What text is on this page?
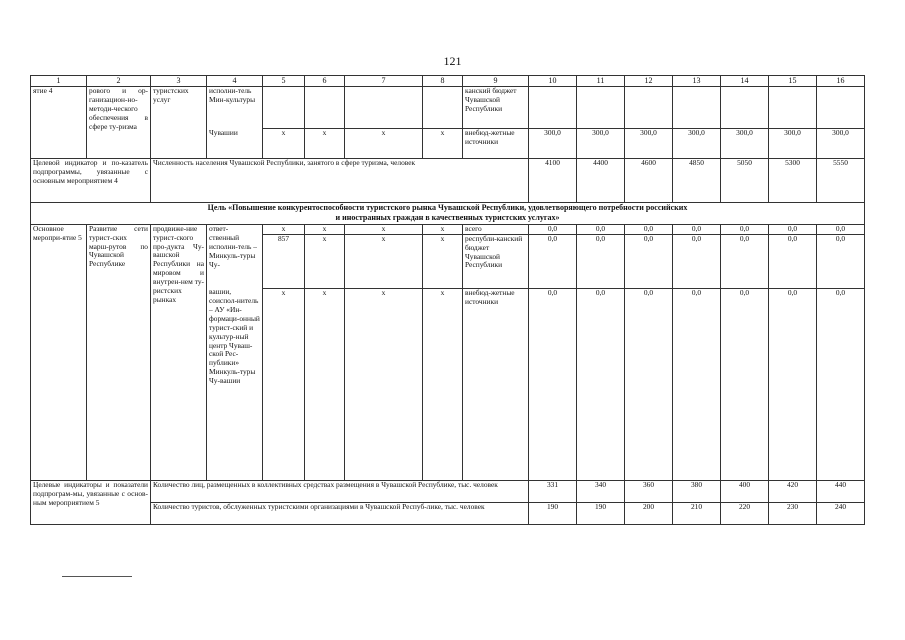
121
1	2	3	4	5	6	7	8	9	10	11	12	13	14	15	16
ятие 4	рового и ор-ганизацион-но-методи-ческого обеспечения в сфере ту-ризма	туристских услуг	исполни-тель Мин-культуры					канский бюджет Чувашской Республики							
			Чувашии	x	x	x	x	внебюд-жетные источники	300,0	300,0	300,0	300,0	300,0	300,0	300,0
Целевой индикатор и по-казатель подпрограммы, увязанные с основным мероприятием 4		Численность населения Чувашской Республики, занятого в сфере туризма, человек							4100	4400	4600	4850	5050	5300	5550

Цель «Повышение конкурентоспособности туристского рынка Чувашской Республики, удовлетворяющего потребности российских
и иностранных граждан в качественных туристских услугах»															

Основное меропри-ятие 5	Развитие сети турист-ских марш-рутов по Чувашской Республике	продвиже-ние турист-ского про-дукта Чу-вашской Республики на мировом и внутрен-нем ту-ристских рынках	ответ-	x	x	x	x	всего	0,0	0,0	0,0	0,0	0,0	0,0	0,0
			ственный исполни-тель – Минкуль-туры Чу-	857	x	x	x	республи-канский бюджет Чувашской Республики	0,0	0,0	0,0	0,0	0,0	0,0	0,0
			вашии, соиспол-нитель – АУ «Ин-формаци-онный турист-ский и культур-ный центр Чуваш-ской Рес-публики» Минкуль-туры Чу-вашии	x	x	x	x	внебюд-жетные источники	0,0	0,0	0,0	0,0	0,0	0,0	0,0
Целевые индикаторы и показатели подпрограм-мы, увязанные с основ-ным мероприятием 5		Количество лиц, размещенных в коллективных средствах размещения в Чувашской Республике, тыс. человек							331	340	360	380	400	420	440
		Количество туристов, обслуженных туристскими организациями в Чувашской Респуб-лике, тыс. человек							190	190	200	210	220	230	240
